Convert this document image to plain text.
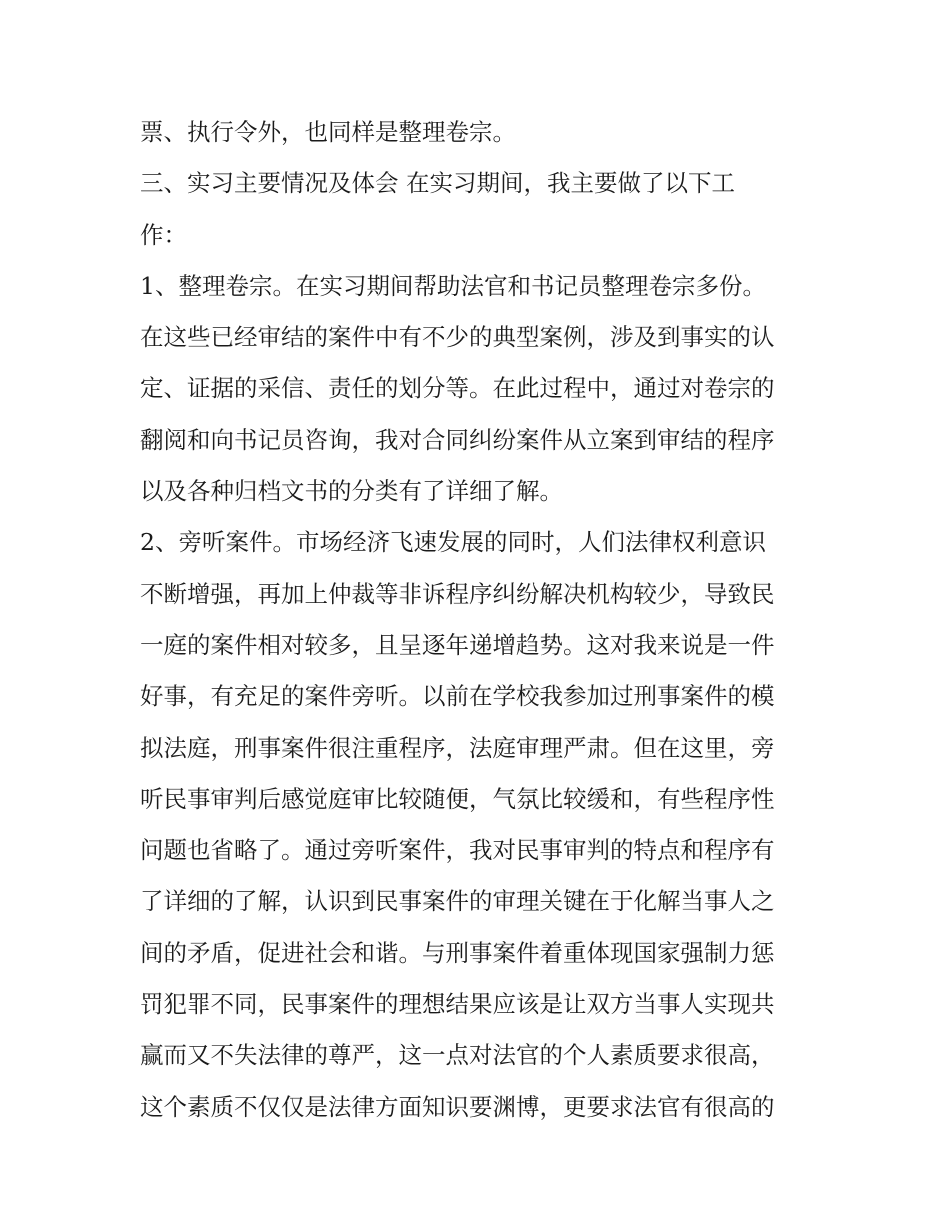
票、执行令外，也同样是整理卷宗。
三、实习主要情况及体会 在实习期间，我主要做了以下工
作：
1、整理卷宗。在实习期间帮助法官和书记员整理卷宗多份。
在这些已经审结的案件中有不少的典型案例，涉及到事实的认
定、证据的采信、责任的划分等。在此过程中，通过对卷宗的
翻阅和向书记员咨询，我对合同纠纷案件从立案到审结的程序
以及各种归档文书的分类有了详细了解。
2、旁听案件。市场经济飞速发展的同时，人们法律权利意识
不断增强，再加上仲裁等非诉程序纠纷解决机构较少，导致民
一庭的案件相对较多，且呈逐年递增趋势。这对我来说是一件
好事，有充足的案件旁听。以前在学校我参加过刑事案件的模
拟法庭，刑事案件很注重程序，法庭审理严肃。但在这里，旁
听民事审判后感觉庭审比较随便，气氛比较缓和，有些程序性
问题也省略了。通过旁听案件，我对民事审判的特点和程序有
了详细的了解，认识到民事案件的审理关键在于化解当事人之
间的矛盾，促进社会和谐。与刑事案件着重体现国家强制力惩
罚犯罪不同，民事案件的理想结果应该是让双方当事人实现共
赢而又不失法律的尊严，这一点对法官的个人素质要求很高，
这个素质不仅仅是法律方面知识要渊博，更要求法官有很高的
